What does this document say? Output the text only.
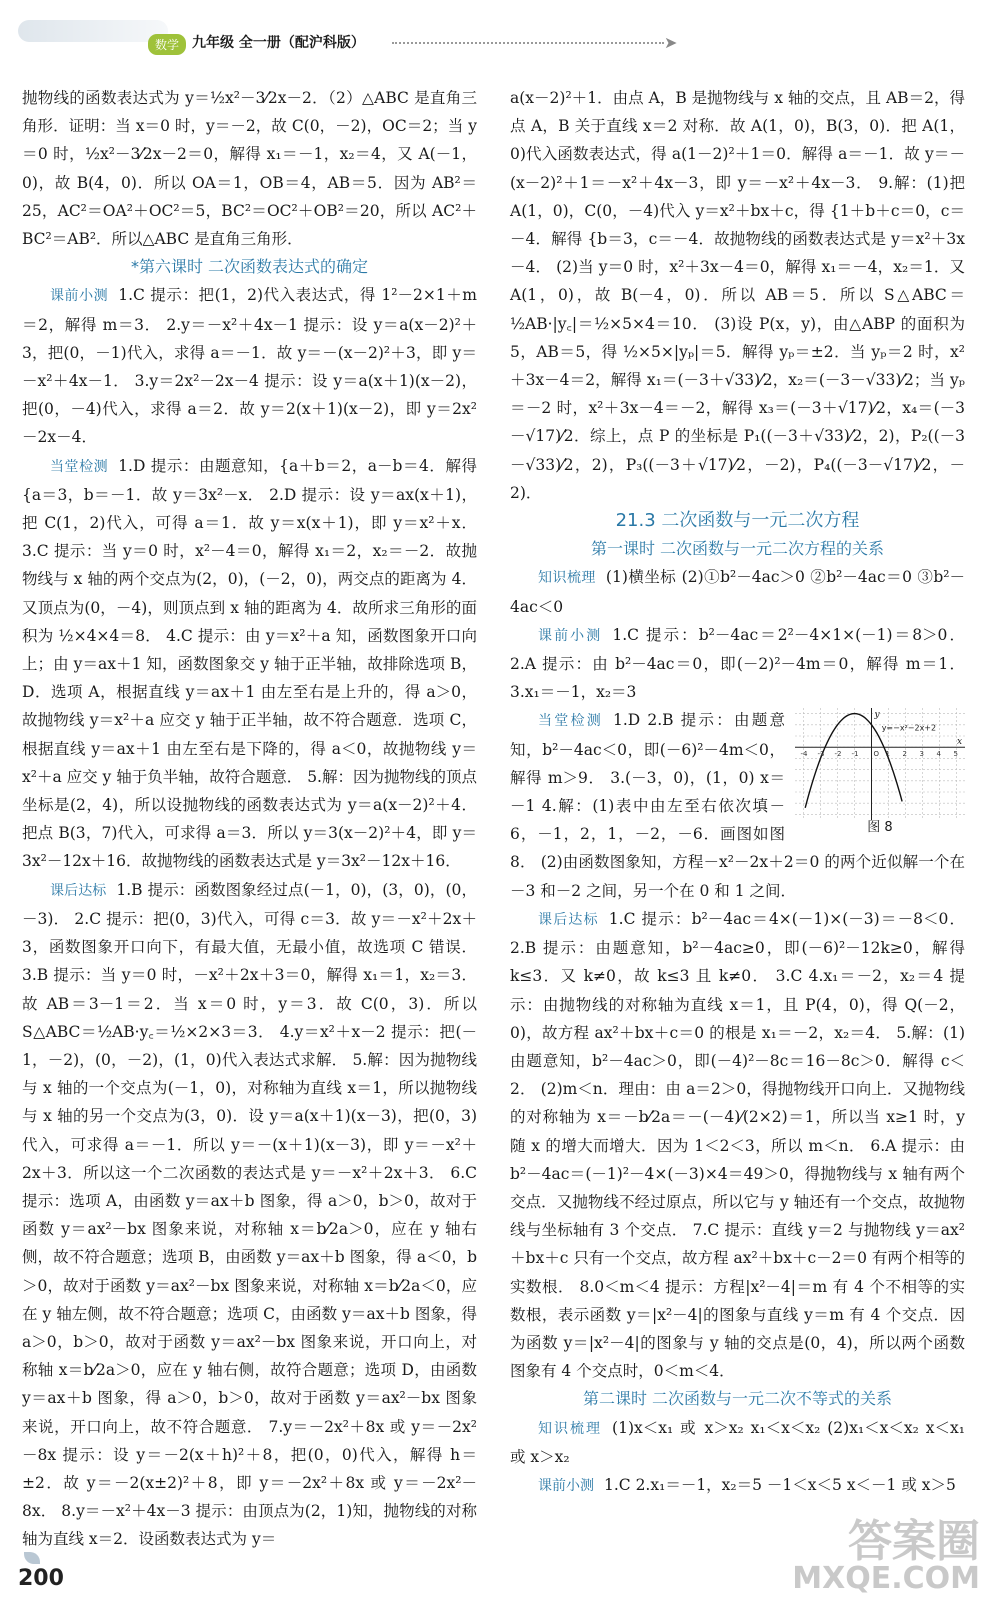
数学 九年级 全一册（配沪科版）	➤

抛物线的函数表达式为 y＝½x²－3⁄2x－2．（2）△ABC 是直角三角形．证明：当 x＝0 时，y＝－2，故 C(0，－2)，OC＝2；当 y＝0 时，½x²－3⁄2x－2＝0，解得 x₁＝－1，x₂＝4，又 A(－1，0)，故 B(4，0)．所以 OA＝1，OB＝4，AB＝5．因为 AB²＝25，AC²＝OA²＋OC²＝5，BC²＝OC²＋OB²＝20，所以 AC²＋BC²＝AB²．所以△ABC 是直角三角形．

*第六课时 二次函数表达式的确定

课前小测 1.C 提示：把(1，2)代入表达式，得 1²－2×1＋m＝2，解得 m＝3． 2.y＝－x²＋4x－1 提示：设 y＝a(x－2)²＋3，把(0，－1)代入，求得 a＝－1．故 y＝－(x－2)²＋3，即 y＝－x²＋4x－1． 3.y＝2x²－2x－4 提示：设 y＝a(x＋1)(x－2)，把(0，－4)代入，求得 a＝2．故 y＝2(x＋1)(x－2)，即 y＝2x²－2x－4．

当堂检测 1.D 提示：由题意知，{a＋b＝2，a－b＝4．解得 {a＝3，b＝－1．故 y＝3x²－x． 2.D 提示：设 y＝ax(x＋1)，把 C(1，2)代入，可得 a＝1．故 y＝x(x＋1)，即 y＝x²＋x． 3.C 提示：当 y＝0 时，x²－4＝0，解得 x₁＝2，x₂＝－2．故抛物线与 x 轴的两个交点为(2，0)，(－2，0)，两交点的距离为 4．又顶点为(0，－4)，则顶点到 x 轴的距离为 4．故所求三角形的面积为 ½×4×4＝8． 4.C 提示：由 y＝x²＋a 知，函数图象开口向上；由 y＝ax＋1 知，函数图象交 y 轴于正半轴，故排除选项 B，D．选项 A，根据直线 y＝ax＋1 由左至右是上升的，得 a＞0，故抛物线 y＝x²＋a 应交 y 轴于正半轴，故不符合题意．选项 C，根据直线 y＝ax＋1 由左至右是下降的，得 a＜0，故抛物线 y＝x²＋a 应交 y 轴于负半轴，故符合题意． 5.解：因为抛物线的顶点坐标是(2，4)，所以设抛物线的函数表达式为 y＝a(x－2)²＋4．把点 B(3，7)代入，可求得 a＝3．所以 y＝3(x－2)²＋4，即 y＝3x²－12x＋16．故抛物线的函数表达式是 y＝3x²－12x＋16．

课后达标 1.B 提示：函数图象经过点(－1，0)，(3，0)，(0，－3)． 2.C 提示：把(0，3)代入，可得 c＝3．故 y＝－x²＋2x＋3，函数图象开口向下，有最大值，无最小值，故选项 C 错误． 3.B 提示：当 y＝0 时，－x²＋2x＋3＝0，解得 x₁＝1，x₂＝3．故 AB＝3－1＝2．当 x＝0 时，y＝3．故 C(0，3)．所以 S△ABC＝½AB·y꜀＝½×2×3＝3． 4.y＝x²＋x－2 提示：把(－1，－2)，(0，－2)，(1，0)代入表达式求解． 5.解：因为抛物线与 x 轴的一个交点为(－1，0)，对称轴为直线 x＝1，所以抛物线与 x 轴的另一个交点为(3，0)．设 y＝a(x＋1)(x－3)，把(0，3)代入，可求得 a＝－1．所以 y＝－(x＋1)(x－3)，即 y＝－x²＋2x＋3．所以这一个二次函数的表达式是 y＝－x²＋2x＋3． 6.C 提示：选项 A，由函数 y＝ax＋b 图象，得 a＞0，b＞0，故对于函数 y＝ax²－bx 图象来说，对称轴 x＝b⁄2a＞0，应在 y 轴右侧，故不符合题意；选项 B，由函数 y＝ax＋b 图象，得 a＜0，b＞0，故对于函数 y＝ax²－bx 图象来说，对称轴 x＝b⁄2a＜0，应在 y 轴左侧，故不符合题意；选项 C，由函数 y＝ax＋b 图象，得 a＞0，b＞0，故对于函数 y＝ax²－bx 图象来说，开口向上，对称轴 x＝b⁄2a＞0，应在 y 轴右侧，故符合题意；选项 D，由函数 y＝ax＋b 图象，得 a＞0，b＞0，故对于函数 y＝ax²－bx 图象来说，开口向上，故不符合题意． 7.y＝－2x²＋8x 或 y＝－2x²－8x 提示：设 y＝－2(x＋h)²＋8，把(0，0)代入，解得 h＝±2．故 y＝－2(x±2)²＋8，即 y＝－2x²＋8x 或 y＝－2x²－8x． 8.y＝－x²＋4x－3 提示：由顶点为(2，1)知，抛物线的对称轴为直线 x＝2．设函数表达式为 y＝

a(x－2)²＋1．由点 A，B 是抛物线与 x 轴的交点，且 AB＝2，得点 A，B 关于直线 x＝2 对称．故 A(1，0)，B(3，0)．把 A(1，0)代入函数表达式，得 a(1－2)²＋1＝0．解得 a＝－1．故 y＝－(x－2)²＋1＝－x²＋4x－3，即 y＝－x²＋4x－3． 9.解：(1)把 A(1，0)，C(0，－4)代入 y＝x²＋bx＋c，得 {1＋b＋c＝0，c＝－4．解得 {b＝3，c＝－4．故抛物线的函数表达式是 y＝x²＋3x－4． (2)当 y＝0 时，x²＋3x－4＝0，解得 x₁＝－4，x₂＝1．又 A(1，0)，故 B(－4，0)．所以 AB＝5．所以 S△ABC＝½AB·|y꜀|＝½×5×4＝10． (3)设 P(x，y)，由△ABP 的面积为 5，AB＝5，得 ½×5×|yₚ|＝5．解得 yₚ＝±2．当 yₚ＝2 时，x²＋3x－4＝2，解得 x₁＝(－3＋√33)⁄2，x₂＝(－3－√33)⁄2；当 yₚ＝－2 时，x²＋3x－4＝－2，解得 x₃＝(－3＋√17)⁄2，x₄＝(－3－√17)⁄2．综上，点 P 的坐标是 P₁((－3＋√33)⁄2，2)，P₂((－3－√33)⁄2，2)，P₃((－3＋√17)⁄2，－2)，P₄((－3－√17)⁄2，－2)．

21.3 二次函数与一元二次方程

第一课时 二次函数与一元二次方程的关系

知识梳理 (1)横坐标 (2)①b²－4ac＞0 ②b²－4ac＝0 ③b²－4ac＜0

课前小测 1.C 提示：b²－4ac＝2²－4×1×(－1)＝8＞0． 2.A 提示：由 b²－4ac＝0，即(－2)²－4m＝0，解得 m＝1． 3.x₁＝－1，x₂＝3

-4 -3 -2 -1	1 2 3 4 5
O
x
y
y=−x²−2x+2
图 8

当堂检测 1.D 2.B 提示：由题意知，b²－4ac＜0，即(－6)²－4m＜0，解得 m＞9． 3.(－3，0)，(1，0) x＝－1 4.解：(1)表中由左至右依次填－6，－1，2，1，－2，－6．画图如图 8． (2)由函数图象知，方程－x²－2x＋2＝0 的两个近似解一个在－3 和－2 之间，另一个在 0 和 1 之间．

课后达标 1.C 提示：b²－4ac＝4×(－1)×(－3)＝－8＜0． 2.B 提示：由题意知，b²－4ac≥0，即(－6)²－12k≥0，解得 k≤3．又 k≠0，故 k≤3 且 k≠0． 3.C 4.x₁＝－2，x₂＝4 提示：由抛物线的对称轴为直线 x＝1，且 P(4，0)，得 Q(－2，0)，故方程 ax²＋bx＋c＝0 的根是 x₁＝－2，x₂＝4． 5.解：(1)由题意知，b²－4ac＞0，即(－4)²－8c＝16－8c＞0．解得 c＜2． (2)m＜n．理由：由 a＝2＞0，得抛物线开口向上．又抛物线的对称轴为 x＝－b⁄2a＝－(－4)⁄(2×2)＝1，所以当 x≥1 时，y 随 x 的增大而增大．因为 1＜2＜3，所以 m＜n． 6.A 提示：由 b²－4ac＝(－1)²－4×(－3)×4＝49＞0，得抛物线与 x 轴有两个交点．又抛物线不经过原点，所以它与 y 轴还有一个交点，故抛物线与坐标轴有 3 个交点． 7.C 提示：直线 y＝2 与抛物线 y＝ax²＋bx＋c 只有一个交点，故方程 ax²＋bx＋c－2＝0 有两个相等的实数根． 8.0＜m＜4 提示：方程|x²－4|＝m 有 4 个不相等的实数根，表示函数 y＝|x²－4|的图象与直线 y＝m 有 4 个交点．因为函数 y＝|x²－4|的图象与 y 轴的交点是(0，4)，所以两个函数图象有 4 个交点时，0＜m＜4．

第二课时 二次函数与一元二次不等式的关系

知识梳理 (1)x＜x₁ 或 x＞x₂ x₁＜x＜x₂ (2)x₁＜x＜x₂ x＜x₁ 或 x＞x₂

课前小测 1.C 2.x₁＝－1，x₂＝5 －1＜x＜5 x＜－1 或 x＞5

200
答案圈
MXQE.COM
